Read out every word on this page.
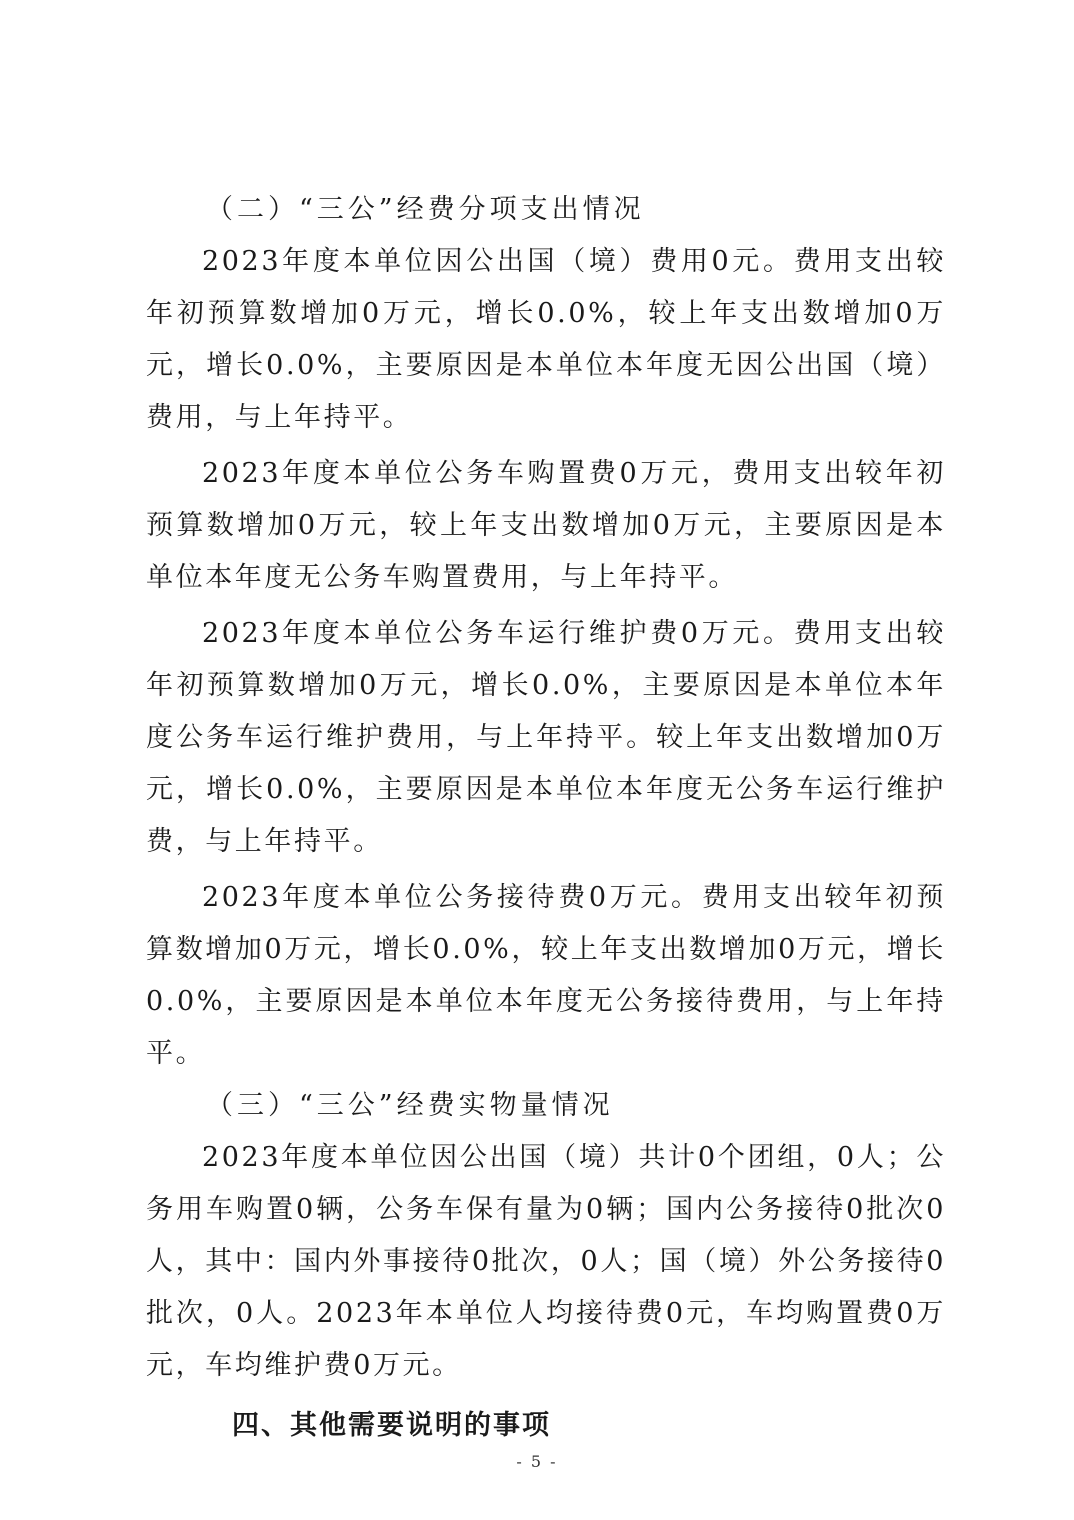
（二）“三公”经费分项支出情况

2023年度本单位因公出国（境）费用0元。费用支出较年初预算数增加0万元，增长0.0%，较上年支出数增加0万元，增长0.0%，主要原因是本单位本年度无因公出国（境）费用，与上年持平。

2023年度本单位公务车购置费0万元，费用支出较年初预算数增加0万元，较上年支出数增加0万元，主要原因是本单位本年度无公务车购置费用，与上年持平。

2023年度本单位公务车运行维护费0万元。费用支出较年初预算数增加0万元，增长0.0%，主要原因是本单位本年度公务车运行维护费用，与上年持平。较上年支出数增加0万元，增长0.0%，主要原因是本单位本年度无公务车运行维护费，与上年持平。

2023年度本单位公务接待费0万元。费用支出较年初预算数增加0万元，增长0.0%，较上年支出数增加0万元，增长0.0%，主要原因是本单位本年度无公务接待费用，与上年持平。

（三）“三公”经费实物量情况

2023年度本单位因公出国（境）共计0个团组，0人；公务用车购置0辆，公务车保有量为0辆；国内公务接待0批次0人，其中：国内外事接待0批次，0人；国（境）外公务接待0批次，0人。2023年本单位人均接待费0元，车均购置费0万元，车均维护费0万元。

四、其他需要说明的事项

- 5 -
